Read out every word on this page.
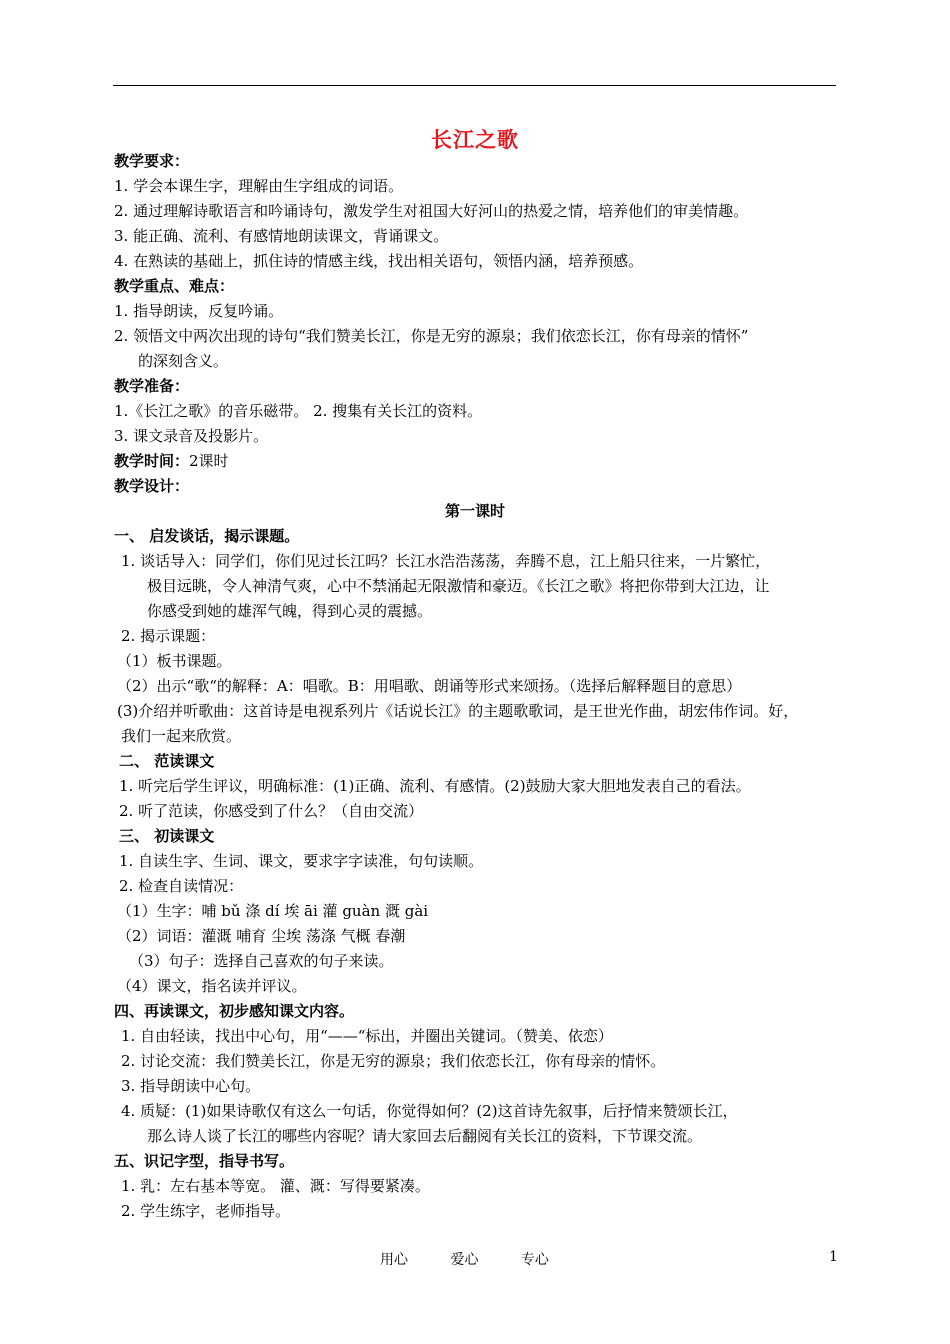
长江之歌
教学要求：
1. 学会本课生字，理解由生字组成的词语。
2. 通过理解诗歌语言和吟诵诗句，激发学生对祖国大好河山的热爱之情，培养他们的审美情趣。
3. 能正确、流利、有感情地朗读课文，背诵课文。
4. 在熟读的基础上，抓住诗的情感主线，找出相关语句，领悟内涵，培养预感。
教学重点、难点：
1. 指导朗读，反复吟诵。
2. 领悟文中两次出现的诗句“我们赞美长江，你是无穷的源泉；我们依恋长江，你有母亲的情怀”
的深刻含义。
教学准备：
1.《长江之歌》的音乐磁带。 2. 搜集有关长江的资料。
3. 课文录音及投影片。
教学时间：2课时
教学设计：
第一课时
一、 启发谈话，揭示课题。
1. 谈话导入：同学们，你们见过长江吗？长江水浩浩荡荡，奔腾不息，江上船只往来，一片繁忙，
极目远眺，令人神清气爽，心中不禁涌起无限激情和豪迈。《长江之歌》将把你带到大江边，让
你感受到她的雄浑气魄，得到心灵的震撼。
2. 揭示课题：
（1）板书课题。
（2）出示“歌“的解释：A：唱歌。B：用唱歌、朗诵等形式来颂扬。（选择后解释题目的意思）
(3)介绍并听歌曲：这首诗是电视系列片《话说长江》的主题歌歌词，是王世光作曲，胡宏伟作词。好，
我们一起来欣赏。
二、 范读课文
1. 听完后学生评议，明确标准：(1)正确、流利、有感情。(2)鼓励大家大胆地发表自己的看法。
2. 听了范读，你感受到了什么？（自由交流）
三、 初读课文
1. 自读生字、生词、课文，要求字字读准，句句读顺。
2. 检查自读情况：
（1）生字：哺 bǔ 涤 dí 埃 āi 灌 guàn 溉 gài
（2）词语：灌溉 哺育 尘埃 荡涤 气概 春潮
（3）句子：选择自己喜欢的句子来读。
（4）课文，指名读并评议。
四、再读课文，初步感知课文内容。
1. 自由轻读，找出中心句，用“——“标出，并圈出关键词。（赞美、依恋）
2. 讨论交流：我们赞美长江，你是无穷的源泉；我们依恋长江，你有母亲的情怀。
3. 指导朗读中心句。
4. 质疑：(1)如果诗歌仅有这么一句话，你觉得如何？(2)这首诗先叙事，后抒情来赞颂长江，
那么诗人谈了长江的哪些内容呢？请大家回去后翻阅有关长江的资料，下节课交流。
五、识记字型，指导书写。
1. 乳：左右基本等宽。 灌、溉：写得要紧凑。
2. 学生练字，老师指导。
用心	爱心	专心	1
